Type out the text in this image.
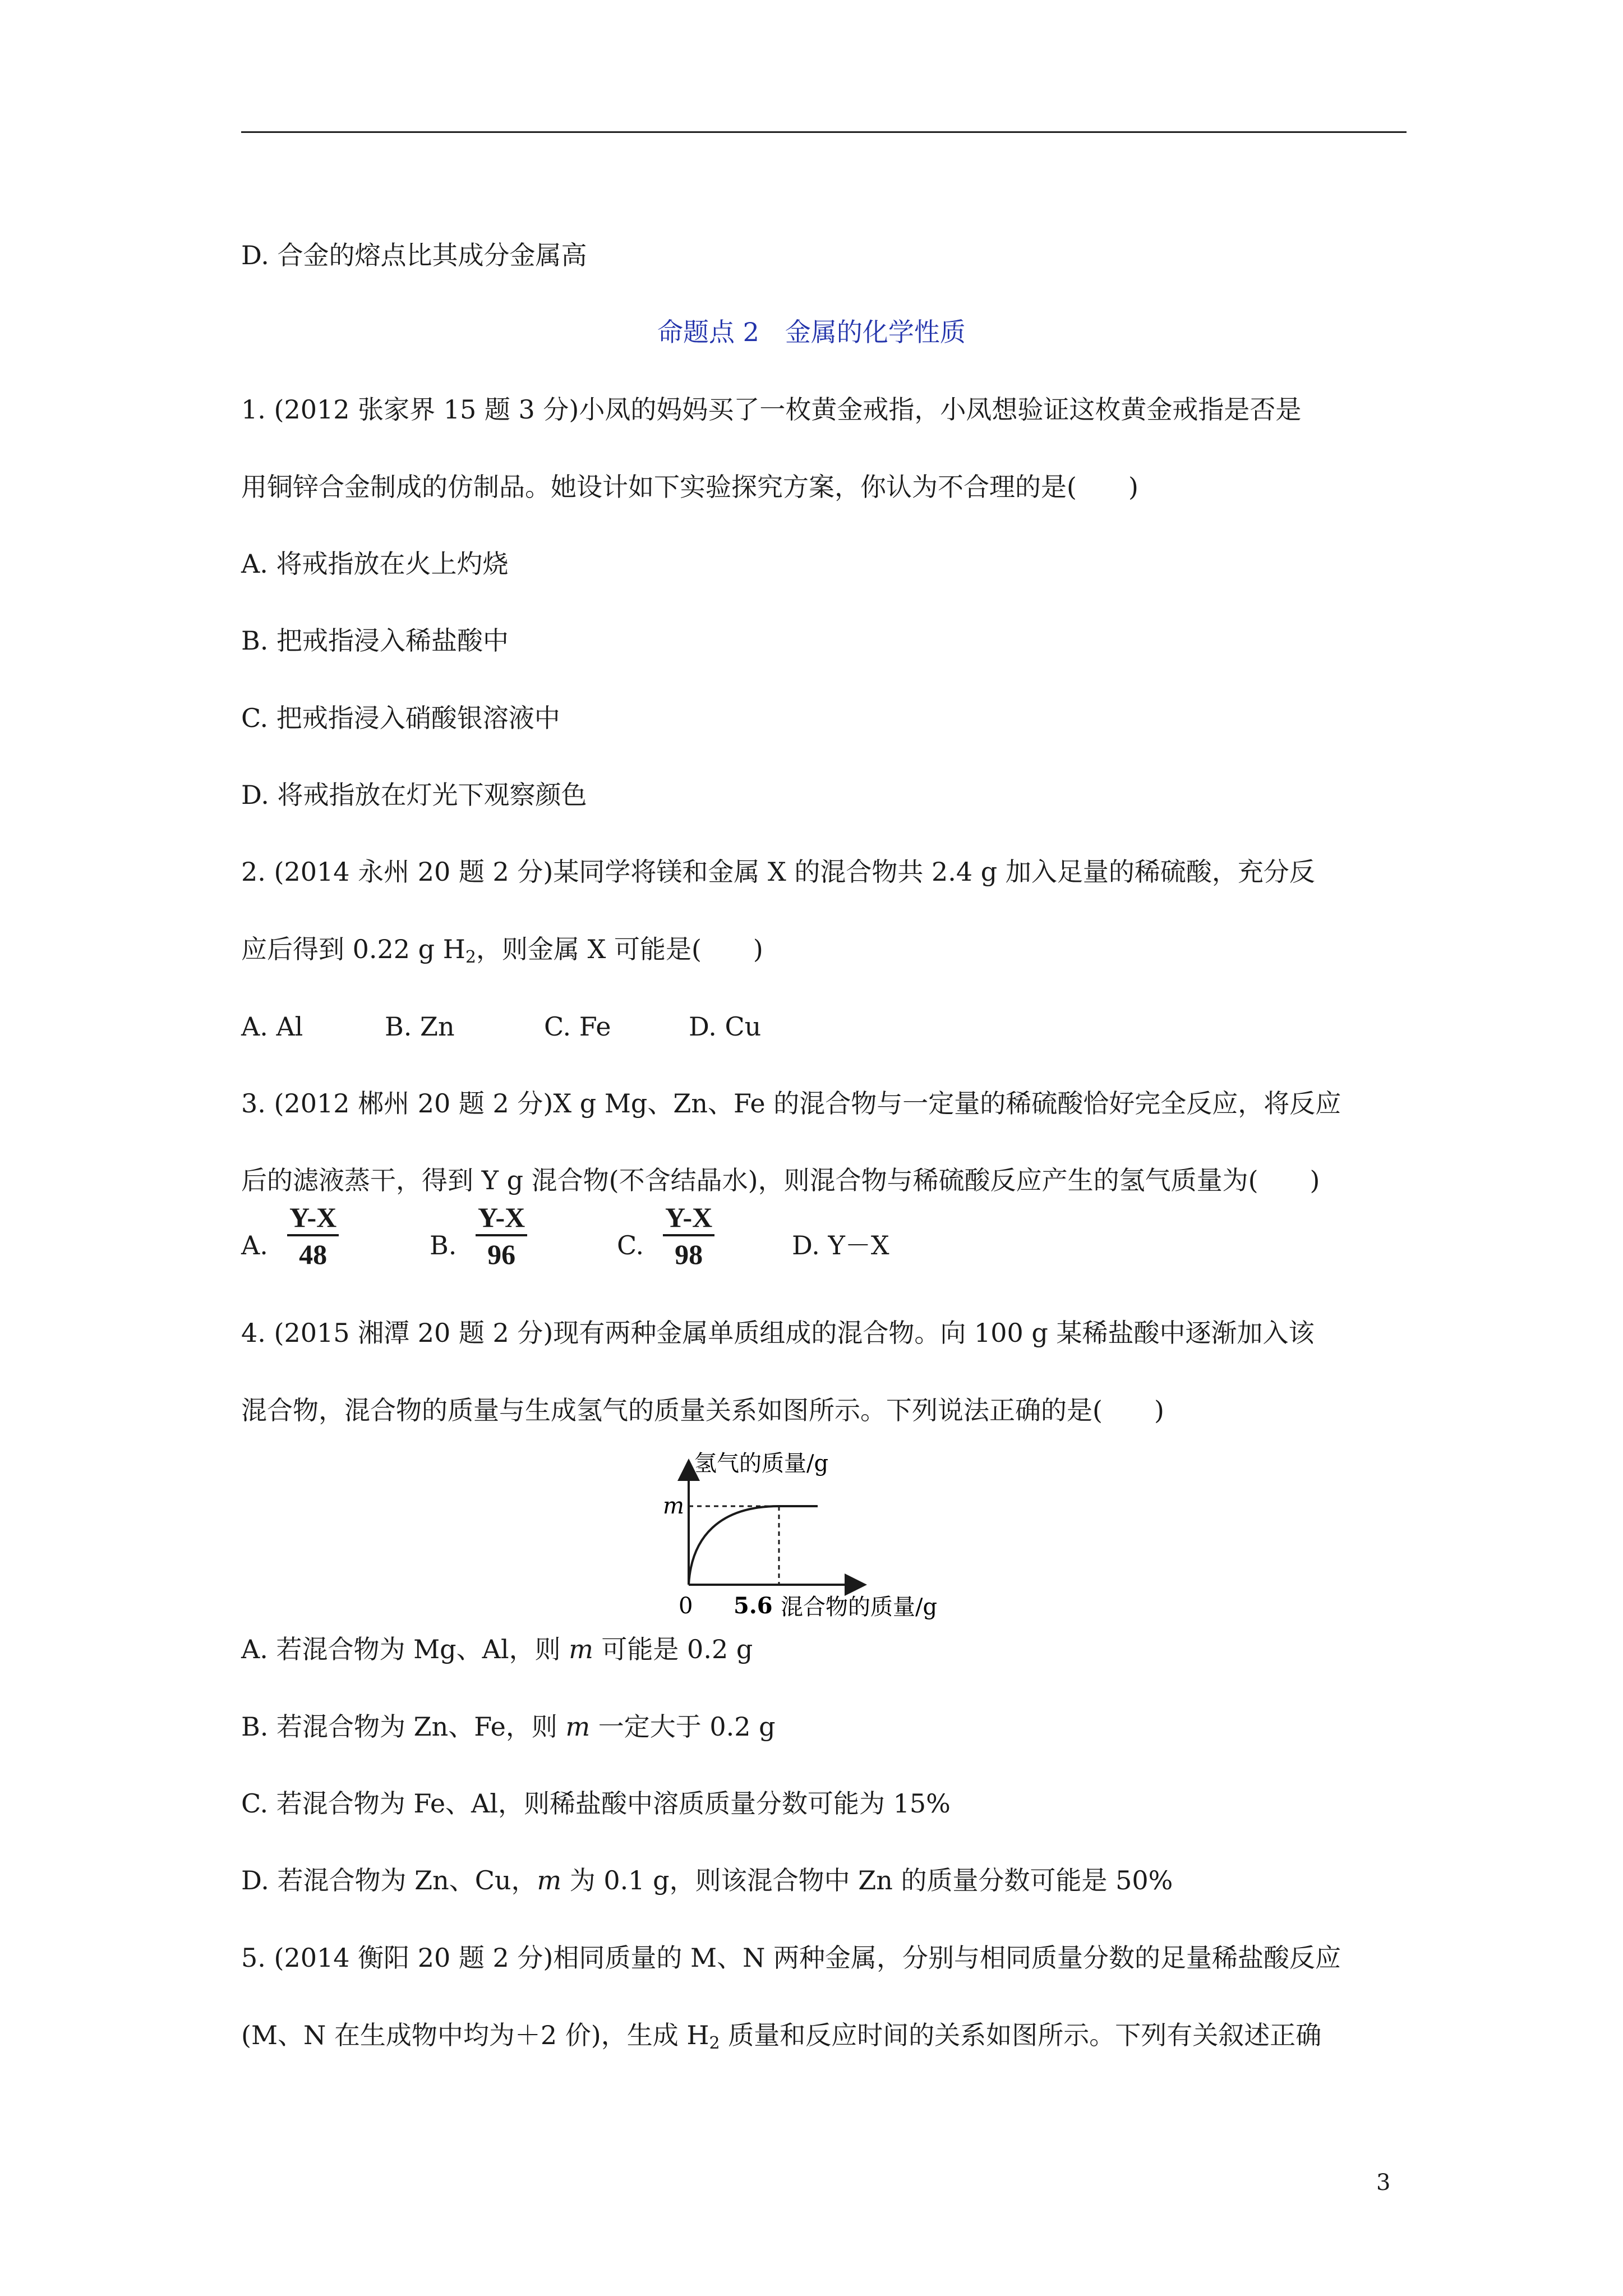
D. 合金的熔点比其成分金属高
命题点 2　金属的化学性质
1. (2012 张家界 15 题 3 分)小凤的妈妈买了一枚黄金戒指，小凤想验证这枚黄金戒指是否是
用铜锌合金制成的仿制品。她设计如下实验探究方案，你认为不合理的是(　　)
A. 将戒指放在火上灼烧
B. 把戒指浸入稀盐酸中
C. 把戒指浸入硝酸银溶液中
D. 将戒指放在灯光下观察颜色
2. (2014 永州 20 题 2 分)某同学将镁和金属 X 的混合物共 2.4 g 加入足量的稀硫酸，充分反
应后得到 0.22 g $H_2$，则金属 X 可能是(　　)
A. Al	B. Zn	C. Fe	D. Cu
3. (2012 郴州 20 题 2 分)X g Mg、Zn、Fe 的混合物与一定量的稀硫酸恰好完全反应，将反应
后的滤液蒸干，得到 Y g 混合物(不含结晶水)，则混合物与稀硫酸反应产生的氢气质量为(　　)
A.
Y-X
48	B.
Y-X
96	C.
Y-X
98	D. Y－X
4. (2015 湘潭 20 题 2 分)现有两种金属单质组成的混合物。向 100 g 某稀盐酸中逐渐加入该
混合物，混合物的质量与生成氢气的质量关系如图所示。下列说法正确的是(　　)
氢气的质量/g
混合物的质量/g
0 5.6
m
A. 若混合物为 Mg、Al，则 m 可能是 0.2 g
B. 若混合物为 Zn、Fe，则 m 一定大于 0.2 g
C. 若混合物为 Fe、Al，则稀盐酸中溶质质量分数可能为 15%
D. 若混合物为 Zn、Cu，m 为 0.1 g，则该混合物中 Zn 的质量分数可能是 50%
5. (2014 衡阳 20 题 2 分)相同质量的 M、N 两种金属，分别与相同质量分数的足量稀盐酸反应
(M、N 在生成物中均为＋2 价)，生成 $H_2$ 质量和反应时间的关系如图所示。下列有关叙述正确
3
